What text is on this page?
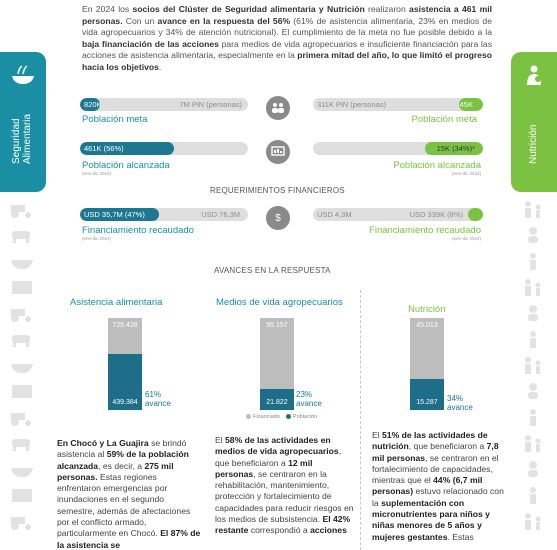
Seguridad
Alimentaria	Nutrición
En 2024 los socios del Clúster de Seguridad alimentaria y Nutrición realizaron asistencia a 461 mil personas. Con un avance en la respuesta del 56% (61% de asistencia alimentaria, 23% en medios de vida agropecuarios y 34% de atención nutricional). El cumplimiento de la meta no fue posible debido a la baja financiación de las acciones para medios de vida agropecuarios e insuficiente financiación para las acciones de asistencia alimentaria, especialmente en la primera mitad del año, lo que limitó el progreso hacia los objetivos.
820K	7M PiN (personas)
Población meta
311K PiN (personas)	45K
Población meta
461K (56%)
Población alcanzada
(ene-dic 2024)
15K (34%)*
Población alcanzada
(ene-dic 2024)
REQUERIMIENTOS FINANCIEROS
USD 35,7M (47%)	USD 76,3M
Financiamiento recaudado
(ene-dic 2024)
$	USD 4,3M	USD 339K (8%)
Financiamiento recaudado
(ene-dic 2024)
AVANCES EN LA RESPUESTA
Asistencia alimentaria	Medios de vida agropecuarios
Nutrición
725.428
439.384
61%
avance
95.157
21.822
23%
avance
45.013
15.287	34%
avance
Financiado	Población
En Chocó y La Guajira se brindó asistencia al 59% de la población alcanzada, es decir, a 275 mil personas. Estas regiones enfrentaron emergencias por inundaciones en el segundo semestre, además de afectaciones por el conflicto armado, particularmente en Chocó. El 87% de la asistencia se
El 58% de las actividades en medios de vida agropecuarios, que beneficiaron a 12 mil personas, se centraron en la rehabilitación, mantenimiento, protección y fortalecimiento de capacidades para reducir riesgos en los medios de subsistencia. El 42% restante correspondió a acciones
El 51% de las actividades de nutrición, que beneficiaron a 7,8 mil personas, se centraron en el fortalecimiento de capacidades, mientras que el 44% (6,7 mil personas) estuvo relacionado con la suplementación con micronutrientes para niños y niñas menores de 5 años y mujeres gestantes. Estas
